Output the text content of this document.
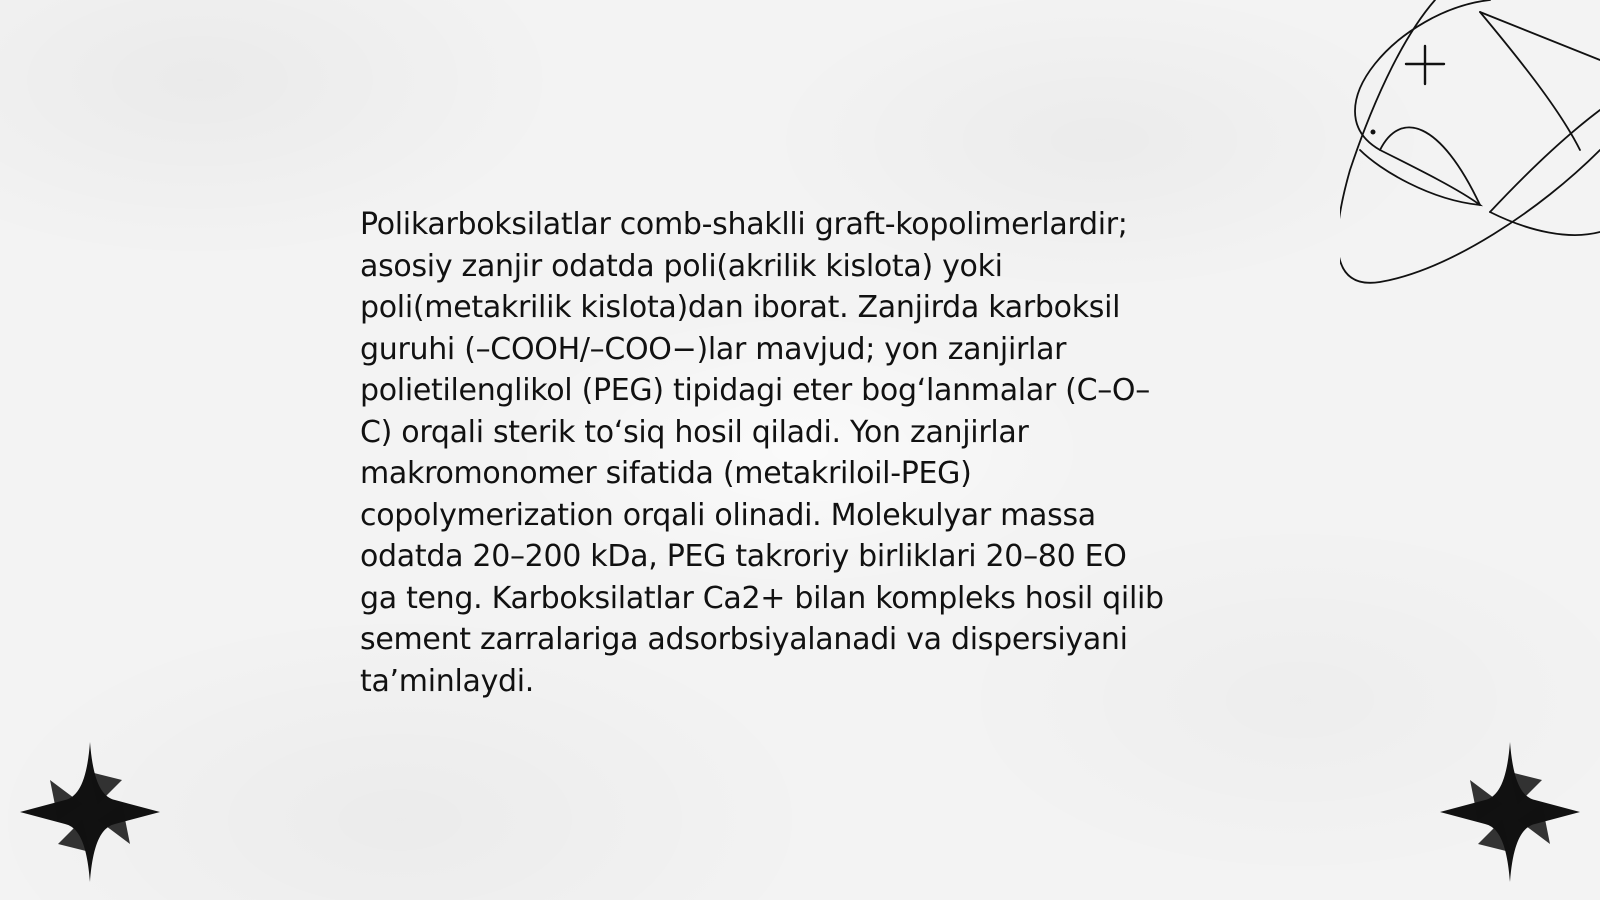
Polikarboksilatlar comb-shaklli graft-kopolimerlardir;
asosiy zanjir odatda poli(akrilik kislota) yoki
poli(metakrilik kislota)dan iborat. Zanjirda karboksil
guruhi (–COOH/–COO−)lar mavjud; yon zanjirlar
polietilenglikol (PEG) tipidagi eter bog‘lanmalar (C–O–
C) orqali sterik to‘siq hosil qiladi. Yon zanjirlar
makromonomer sifatida (metakriloil-PEG)
copolymerization orqali olinadi. Molekulyar massa
odatda 20–200 kDa, PEG takroriy birliklari 20–80 EO
ga teng. Karboksilatlar Ca2+ bilan kompleks hosil qilib
sement zarralariga adsorbsiyalanadi va dispersiyani
ta’minlaydi.
